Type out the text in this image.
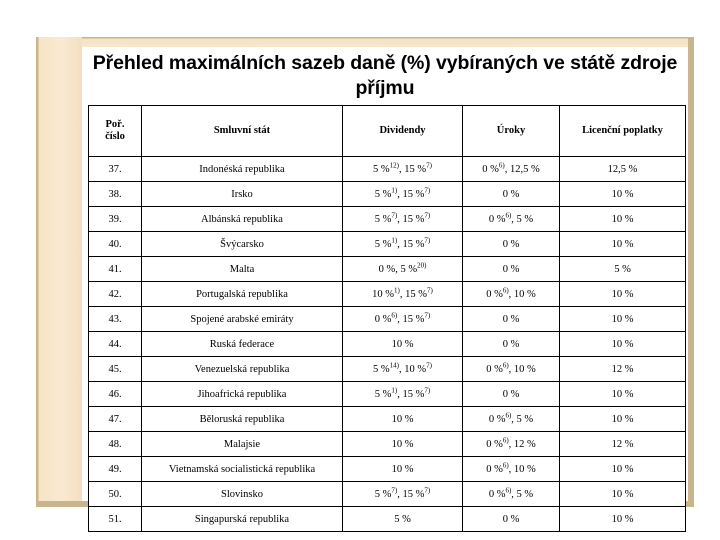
Přehled maximálních sazeb daně (%) vybíraných ve státě zdroje příjmu
Poř.
číslo	Smluvní stát	Dividendy	Úroky	Licenční poplatky
37.	Indonéská republika	5 %$^{12)}$, 15 %$^{7)}$	0 %$^{6)}$, 12,5 %	12,5 %
38.	Irsko	5 %$^{1)}$, 15 %$^{7)}$	0 %	10 %
39.	Albánská republika	5 %$^{7)}$, 15 %$^{7)}$	0 %$^{6)}$, 5 %	10 %
40.	Švýcarsko	5 %$^{1)}$, 15 %$^{7)}$	0 %	10 %
41.	Malta	0 %, 5 %$^{20)}$	0 %	5 %
42.	Portugalská republika	10 %$^{1)}$, 15 %$^{7)}$	0 %$^{6)}$, 10 %	10 %
43.	Spojené arabské emiráty	0 %$^{6)}$, 15 %$^{7)}$	0 %	10 %
44.	Ruská federace	10 %	0 %	10 %
45.	Venezuelská republika	5 %$^{14)}$, 10 %$^{7)}$	0 %$^{6)}$, 10 %	12 %
46.	Jihoafrická republika	5 %$^{1)}$, 15 %$^{7)}$	0 %	10 %
47.	Běloruská republika	10 %	0 %$^{6)}$, 5 %	10 %
48.	Malajsie	10 %	0 %$^{6)}$, 12 %	12 %
49.	Vietnamská socialistická republika	10 %	0 %$^{6)}$, 10 %	10 %
50.	Slovinsko	5 %$^{7)}$, 15 %$^{7)}$	0 %$^{6)}$, 5 %	10 %
51.	Singapurská republika	5 %	0 %	10 %
